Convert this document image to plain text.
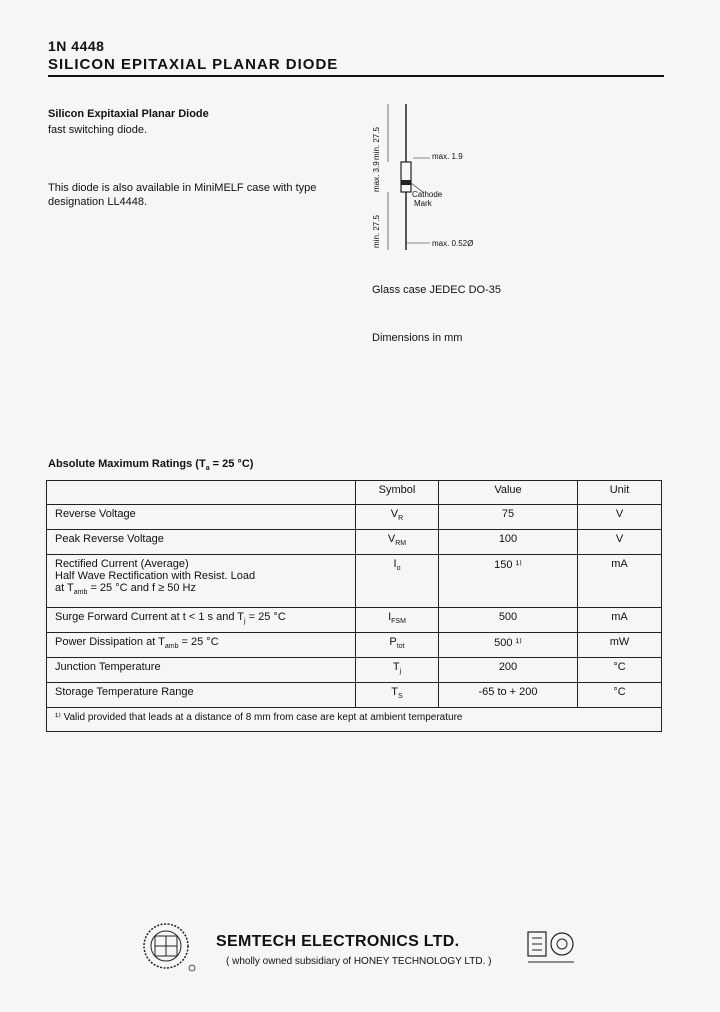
1N 4448
SILICON EPITAXIAL PLANAR DIODE
Silicon Expitaxial Planar Diode
fast switching diode.
This diode is also available in MiniMELF case with type
designation LL4448.
min. 27.5
max. 3.9
min. 27.5
max. 1.9
Cathode
Mark
max. 0.52Ø
Glass case JEDEC DO-35
Dimensions in mm
Absolute Maximum Ratings ($T_a = 25$ °C)
	Symbol	Value	Unit
Reverse Voltage	$V_R$	75	V
Peak Reverse Voltage	$V_{RM}$	100	V

Rectified Current (Average)
Half Wave Rectification with Resist. Load
at $T_{amb} = 25$ °C and f ≥ 50 Hz	$I_o$	150 ¹⁾	mA
Surge Forward Current at t < 1 s and $T_j = 25$ °C	$I_{FSM}$	500	mA
Power Dissipation at $T_{amb} = 25$ °C	$P_{tot}$	500 ¹⁾	mW
Junction Temperature	$T_j$	200	°C
Storage Temperature Range	$T_S$	-65 to + 200	°C
¹⁾ Valid provided that leads at a distance of 8 mm from case are kept at ambient temperature			
SEMTECH ELECTRONICS LTD.
( wholly owned subsidiary of HONEY TECHNOLOGY LTD. )
